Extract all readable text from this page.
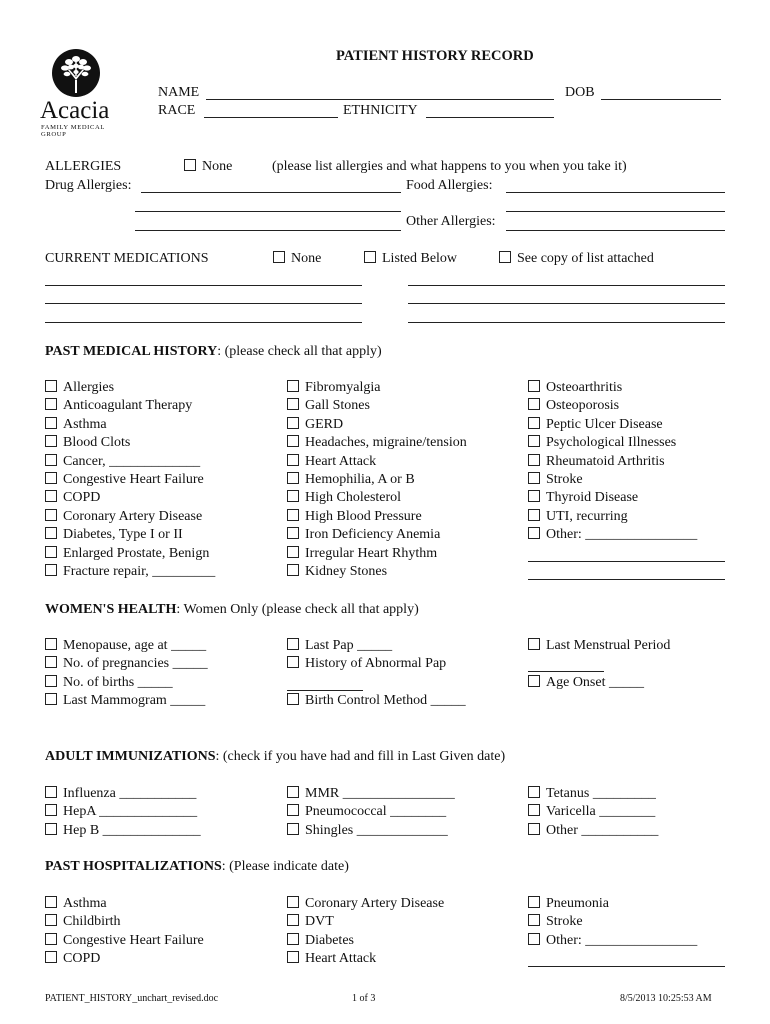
Acacia
FAMILY MEDICAL GROUP
PATIENT HISTORY RECORD
NAME	DOB
RACE	ETHNICITY
ALLERGIES	None	(please list allergies and what happens to you when you take it)
Drug Allergies:	Food Allergies:
Other Allergies:
CURRENT MEDICATIONS	None	Listed Below	See copy of list attached
PAST MEDICAL HISTORY: (please check all that apply)
Allergies
Anticoagulant Therapy
Asthma
Blood Clots
Cancer, _____________
Congestive Heart Failure
COPD
Coronary Artery Disease
Diabetes, Type I or II
Enlarged Prostate, Benign
Fracture repair, _________
Fibromyalgia
Gall Stones
GERD
Headaches, migraine/tension
Heart Attack
Hemophilia, A or B
High Cholesterol
High Blood Pressure
Iron Deficiency Anemia
Irregular Heart Rhythm
Kidney Stones
Osteoarthritis
Osteoporosis
Peptic Ulcer Disease
Psychological Illnesses
Rheumatoid Arthritis
Stroke
Thyroid Disease
UTI, recurring
Other: ________________
WOMEN'S HEALTH: Women Only (please check all that apply)
Menopause, age at _____
No. of pregnancies _____
No. of births _____
Last Mammogram _____
Last Pap _____
History of Abnormal Pap
Birth Control Method _____
Last Menstrual Period
Age Onset _____
ADULT IMMUNIZATIONS: (check if you have had and fill in Last Given date)
Influenza ___________
HepA ______________
Hep B ______________
MMR ________________
Pneumococcal ________
Shingles _____________
Tetanus _________
Varicella ________
Other ___________
PAST HOSPITALIZATIONS: (Please indicate date)
Asthma
Childbirth
Congestive Heart Failure
COPD
Coronary Artery Disease
DVT
Diabetes
Heart Attack
Pneumonia
Stroke
Other: ________________
PATIENT_HISTORY_unchart_revised.doc	1 of 3	8/5/2013 10:25:53 AM
